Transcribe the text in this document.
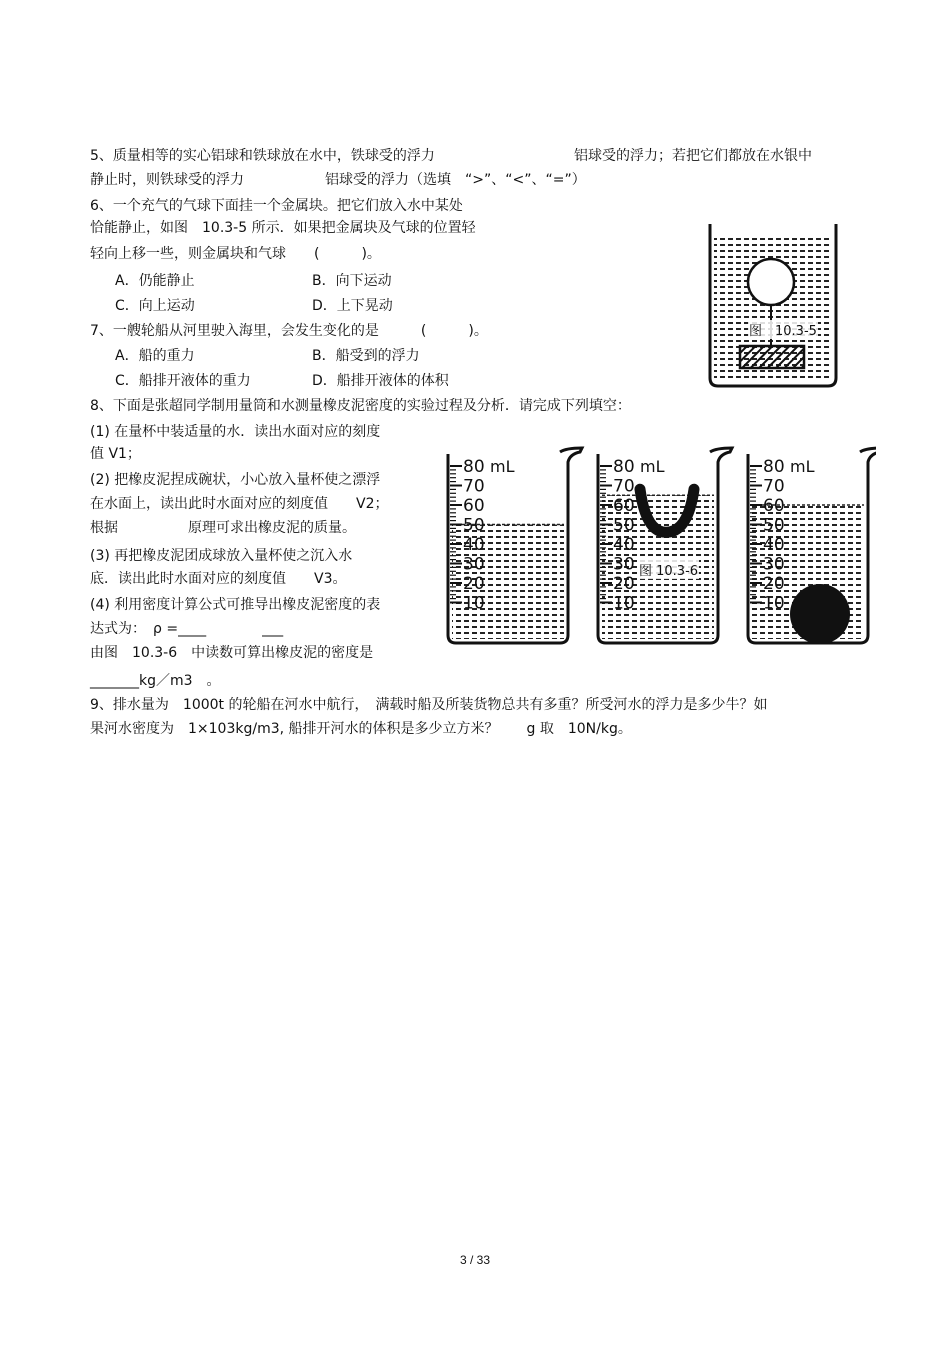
5、质量相等的实心铝球和铁球放在水中，铁球受的浮力	铝球受的浮力；若把它们都放在水银中
静止时，则铁球受的浮力	铝球受的浮力（选填　“>”、“<”、“=”）
6、一个充气的气球下面挂一个金属块。把它们放入水中某处
恰能静止，如图　10.3-5 所示．如果把金属块及气球的位置轻
轻向上移一些，则金属块和气球　　(　　　)。
A．仍能静止	B．向下运动
C．向上运动	D．上下晃动
7、一艘轮船从河里驶入海里，会发生变化的是　　　(　　　)。
A．船的重力	B．船受到的浮力
C．船排开液体的重力	D．船排开液体的体积
图　10.3-5
8、下面是张超同学制用量筒和水测量橡皮泥密度的实验过程及分析．请完成下列填空：
(1) 在量杯中装适量的水．读出水面对应的刻度
值 V1；
(2) 把橡皮泥捏成碗状，小心放入量杯使之漂浮
在水面上，读出此时水面对应的刻度值　　V2；
根据　　　　　原理可求出橡皮泥的质量。
(3) 再把橡皮泥团成球放入量杯使之沉入水
底．读出此时水面对应的刻度值　　V3。
(4) 利用密度计算公式可推导出橡皮泥密度的表
达式为：　ρ =____　　　　___
由图　10.3-6　中读数可算出橡皮泥的密度是
_______kg／m3　。
80
70
60
50
40
30
20
10
mL	80
70
60
50
40
30
20
10
mL	80
70
60
50
40
30
20
10
mL
图 10.3-6
9、排水量为　1000t 的轮船在河水中航行，　满载时船及所装货物总共有多重？所受河水的浮力是多少牛？如
果河水密度为　1×103kg/m3, 船排开河水的体积是多少立方米？　　g 取　10N/kg。
3 / 33
